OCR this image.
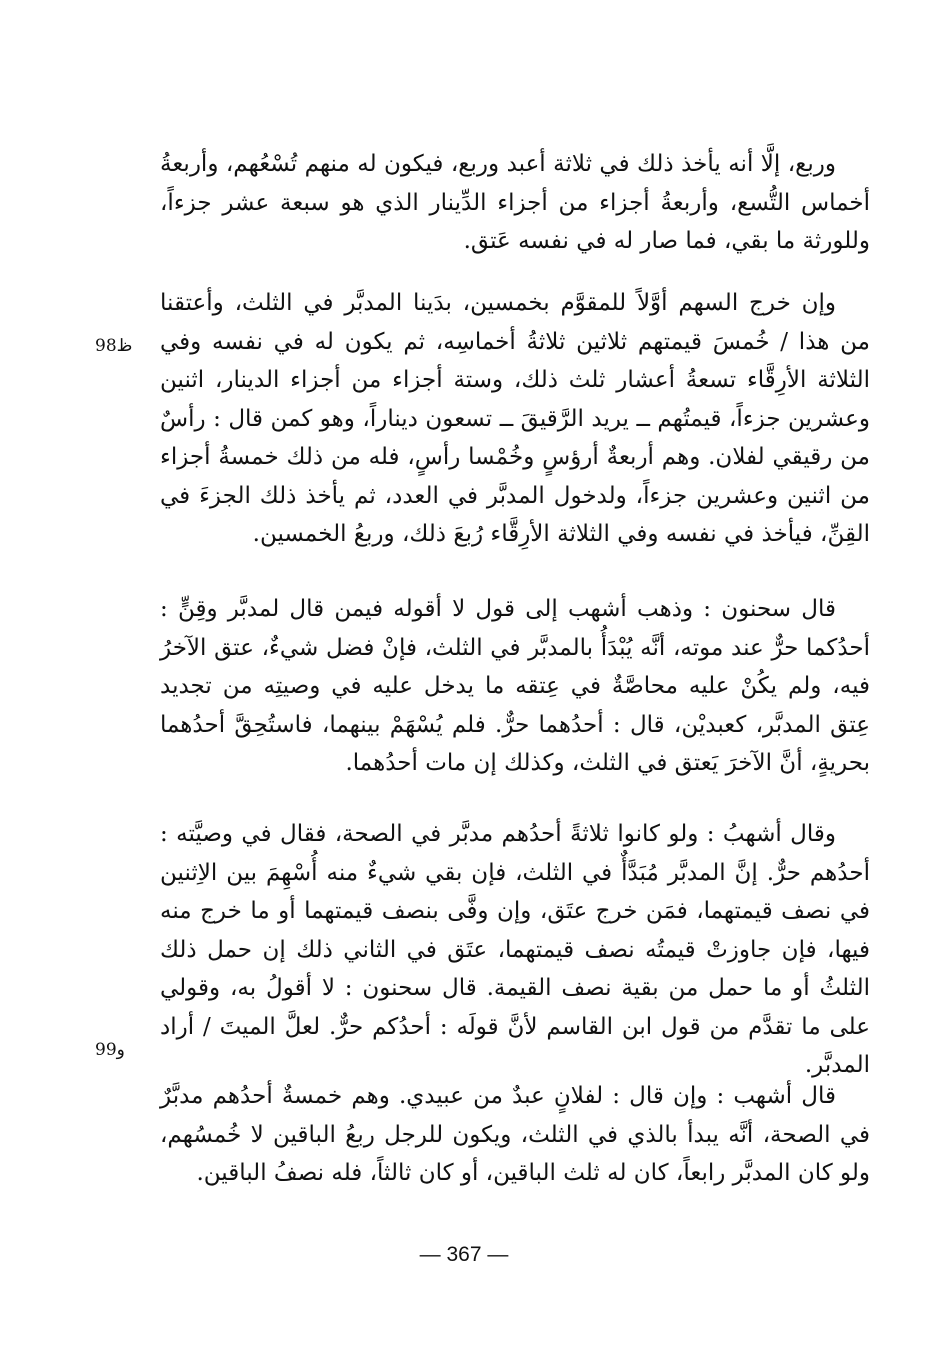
وربع، إلَّا أنه يأخذ ذلك في ثلاثة أعبد وربع، فيكون له منهم تُسْعُهم، وأربعةُ أخماس التُّسع، وأربعةُ أجزاء من أجزاء الدِّينار الذي هو سبعة عشر جزءاً، وللورثة ما بقي، فما صار له في نفسه عَتق.

وإن خرج السهم أوَّلاً للمقوَّم بخمسين، بدَينا المدبَّر في الثلث، وأعتقنا من هذا / خُمسَ قيمتهم ثلاثين ثلاثةُ أخماسِه، ثم يكون له في نفسه وفي الثلاثة الأرِقَّاء تسعةُ أعشار ثلث ذلك، وستة أجزاء من أجزاء الدينار، اثنين وعشرين جزءاً، قيمتُهم ــ يريد الرَّقيقَ ــ تسعون ديناراً، وهو كمن قال : رأسٌ من رقيقي لفلان. وهم أربعةٌ أرؤسٍ وخُمْسا رأسٍ، فله من ذلك خمسةُ أجزاء من اثنين وعشرين جزءاً، ولدخول المدبَّر في العدد، ثم يأخذ ذلك الجزءَ في القِنِّ، فيأخذ في نفسه وفي الثلاثة الأرِقَّاء رُبعَ ذلك، وربعُ الخمسين.

قال سحنون : وذهب أشهب إلى قول لا أقوله فيمن قال لمدبَّر وقِنٍّ : أحدُكما حرٌّ عند موته، أنَّه يُبْدَأُ بالمدبَّر في الثلث، فإنْ فضل شيءٌ، عتق الآخرُ فيه، ولم يكُنْ عليه محاصَّةٌ في عِتقه ما يدخل عليه في وصيتِه من تجديد عِتق المدبَّر، كعبديْن، قال : أحدُهما حرٌّ. فلم يُسْهَمْ بينهما، فاستُحِقَّ أحدُهما بحريةٍ، أنَّ الآخرَ يَعتق في الثلث، وكذلك إن مات أحدُهما.

وقال أشهبُ : ولو كانوا ثلاثةً أحدُهم مدبَّر في الصحة، فقال في وصيَّته : أحدُهم حرٌّ. إنَّ المدبَّر مُبَدَّأٌ في الثلث، فإن بقي شيءٌ منه أُسْهِمَ بين الاِثنين في نصف قيمتهما، فمَن خرج عتَق، وإن وفَّى بنصف قيمتهما أو ما خرج منه فيها، فإن جاوزتْ قيمتُه نصف قيمتهما، عتَق في الثاني ذلك إن حمل ذلك الثلثُ أو ما حمل من بقية نصف القيمة. قال سحنون : لا أقولُ به، وقولي على ما تقدَّم من قول ابن القاسم لأنَّ قولَه : أحدُكم حرٌّ. لعلَّ الميتَ / أراد المدبَّر.

قال أشهب : وإن قال : لفلانٍ عبدٌ من عبيدي. وهم خمسةٌ أحدُهم مدبَّرٌ في الصحة، أنَّه يبدأ بالذي في الثلث، ويكون للرجل ربعُ الباقين لا خُمسُهم، ولو كان المدبَّر رابعاً، كان له ثلث الباقين، أو كان ثالثاً، فله نصفُ الباقين.

ظ98
و99
— 367 —
